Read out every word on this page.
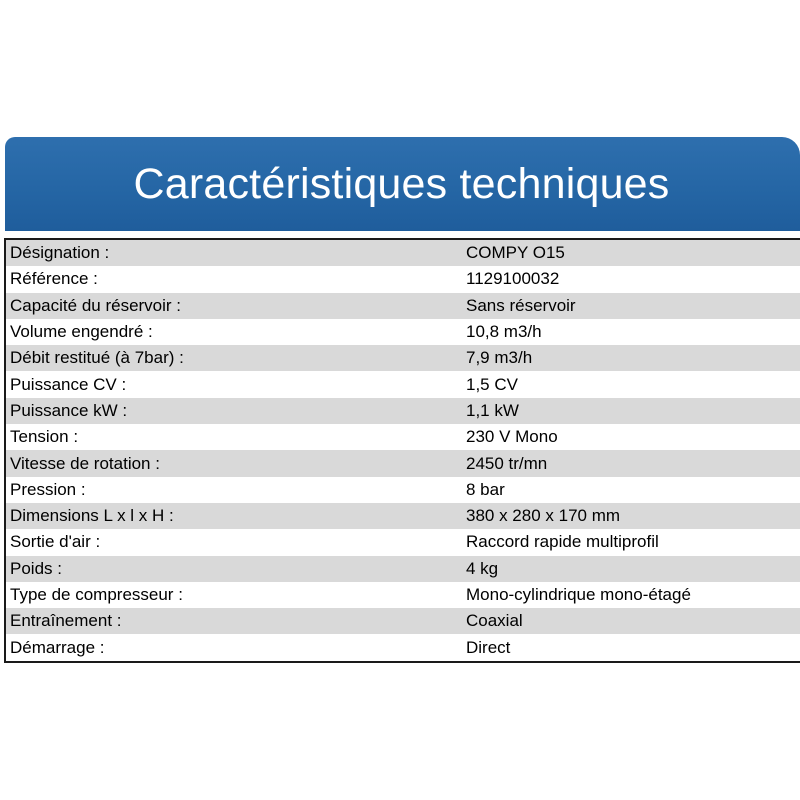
Caractéristiques techniques
Désignation :	COMPY O15
Référence :	1129100032
Capacité du réservoir :	Sans réservoir
Volume engendré :	10,8 m3/h
Débit restitué (à 7bar) :	7,9 m3/h
Puissance CV :	1,5 CV
Puissance kW :	1,1 kW
Tension :	230 V Mono
Vitesse de rotation :	2450 tr/mn
Pression :	8 bar
Dimensions L x l x H :	380 x 280 x 170 mm
Sortie d'air :	Raccord rapide multiprofil
Poids :	4 kg
Type de compresseur :	Mono-cylindrique mono-étagé
Entraînement :	Coaxial
Démarrage :	Direct
